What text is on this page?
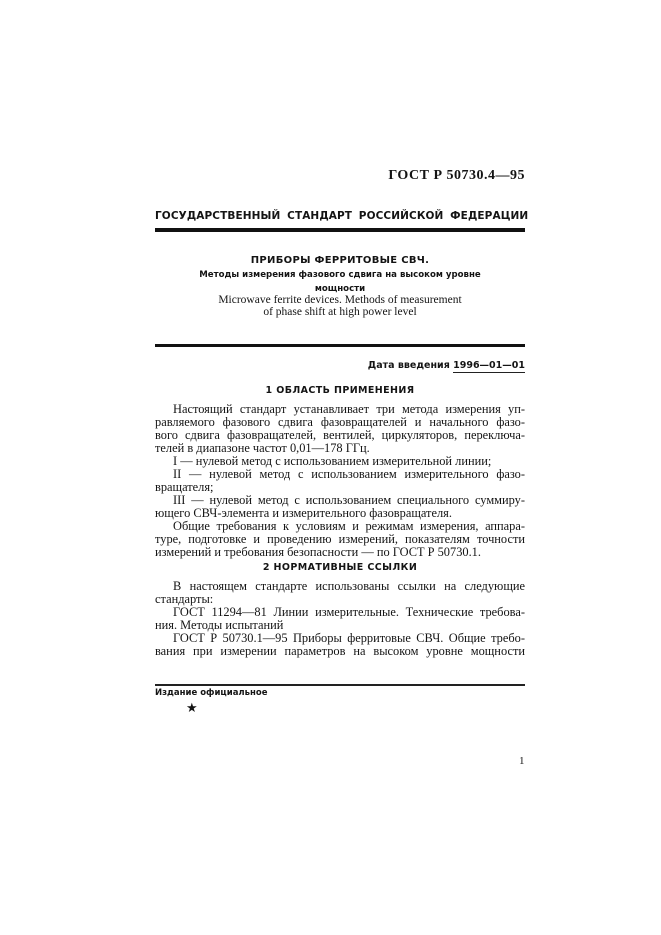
ГОСТ Р 50730.4—95
ГОСУДАРСТВЕННЫЙ СТАНДАРТ РОССИЙСКОЙ ФЕДЕРАЦИИ
ПРИБОРЫ ФЕРРИТОВЫЕ СВЧ.
Методы измерения фазового сдвига на высоком уровне
мощности
Microwave ferrite devices. Methods of measurement
of phase shift at high power level
Дата введения 1996—01—01
1 ОБЛАСТЬ ПРИМЕНЕНИЯ
Настоящий стандарт устанавливает три метода измерения уп-
равляемого фазового сдвига фазовращателей и начального фазо-
вого сдвига фазовращателей, вентилей, циркуляторов, переключа-
телей в диапазоне частот 0,01—178 ГГц.
I — нулевой метод с использованием измерительной линии;
II — нулевой метод с использованием измерительного фазо-
вращателя;
III — нулевой метод с использованием специального суммиру-
ющего СВЧ-элемента и измерительного фазовращателя.
Общие требования к условиям и режимам измерения, аппара-
туре, подготовке и проведению измерений, показателям точности
измерений и требования безопасности — по ГОСТ Р 50730.1.
2 НОРМАТИВНЫЕ ССЫЛКИ
В настоящем стандарте использованы ссылки на следующие
стандарты:
ГОСТ 11294—81 Линии измерительные. Технические требова-
ния. Методы испытаний
ГОСТ Р 50730.1—95 Приборы ферритовые СВЧ. Общие требо-
вания при измерении параметров на высоком уровне мощности
Издание официальное
★
1
